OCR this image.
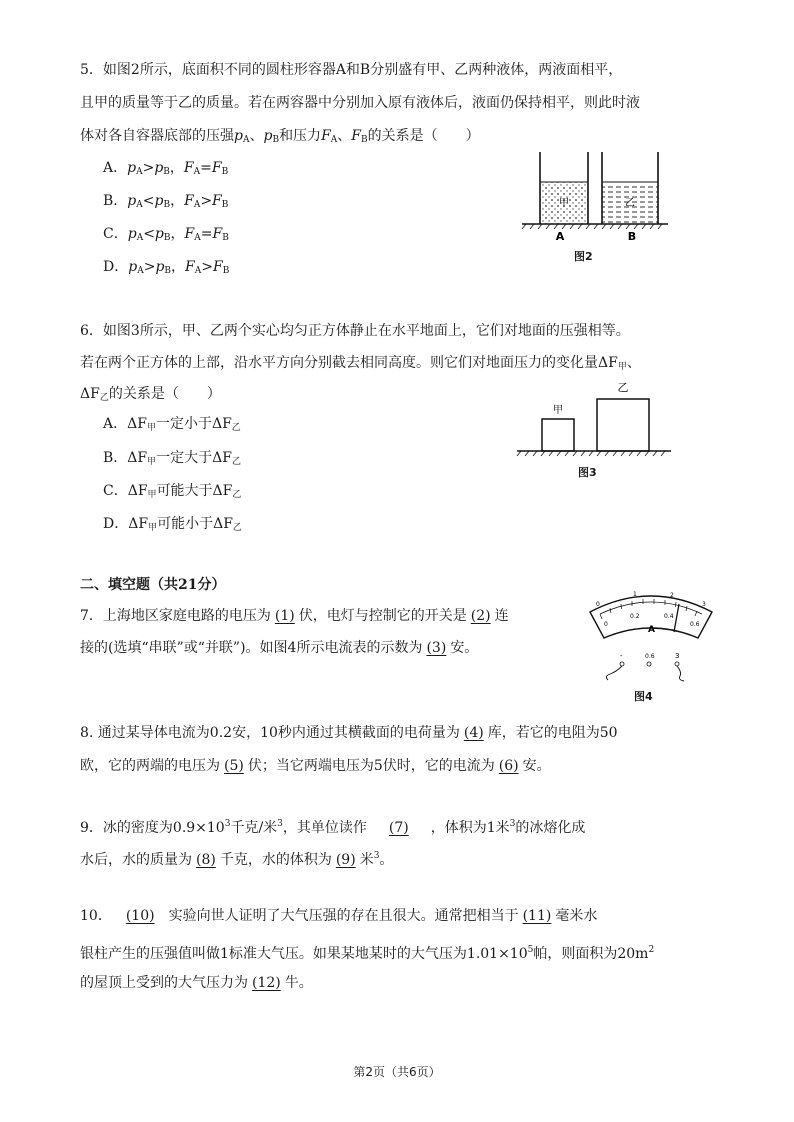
5．如图2所示，底面积不同的圆柱形容器A和B分别盛有甲、乙两种液体，两液面相平，
且甲的质量等于乙的质量。若在两容器中分别加入原有液体后，液面仍保持相平，则此时液
体对各自容器底部的压强$p_A$、$p_B$和压力$F_A$、$F_B$的关系是（　　）
A．$p_A>p_B$，$F_A=F_B$
B．$p_A<p_B$，$F_A>F_B$
C．$p_A<p_B$，$F_A=F_B$
D．$p_A>p_B$，$F_A>F_B$
甲	乙
A	B
图2
6．如图3所示，甲、乙两个实心均匀正方体静止在水平地面上，它们对地面的压强相等。
若在两个正方体的上部，沿水平方向分别截去相同高度。则它们对地面压力的变化量$\Delta F_甲$、
$\Delta F_乙$的关系是（　　）
A．$\Delta F_甲$一定小于$\Delta F_乙$
B．$\Delta F_甲$一定大于$\Delta F_乙$
C．$\Delta F_甲$可能大于$\Delta F_乙$
D．$\Delta F_甲$可能小于$\Delta F_乙$
甲
乙
图3
二、填空题（共21分）
7．上海地区家庭电路的电压为 (1) 伏，电灯与控制它的开关是 (2) 连
接的(选填“串联”或“并联”)。如图4所示电流表的示数为 (3) 安。
0
1	2
3
0
0.2	0.4
0.6
A
-	0.6	3
图4
8. 通过某导体电流为0.2安，10秒内通过其横截面的电荷量为 (4) 库，若它的电阻为50
欧，它的两端的电压为 (5) 伏；当它两端电压为5伏时，它的电流为 (6) 安。
9．冰的密度为$0.9\times 10^3$千克/米$^3$，其单位读作 (7) ，体积为1米$^3$的冰熔化成
水后，水的质量为 (8) 千克，水的体积为 (9) 米$^3$。
10． (10) 实验向世人证明了大气压强的存在且很大。通常把相当于 (11) 毫米水
银柱产生的压强值叫做1标准大气压。如果某地某时的大气压为$1.01\times 10^5$帕，则面积为$20m^2$
的屋顶上受到的大气压力为 (12) 牛。
第2页（共6页）
